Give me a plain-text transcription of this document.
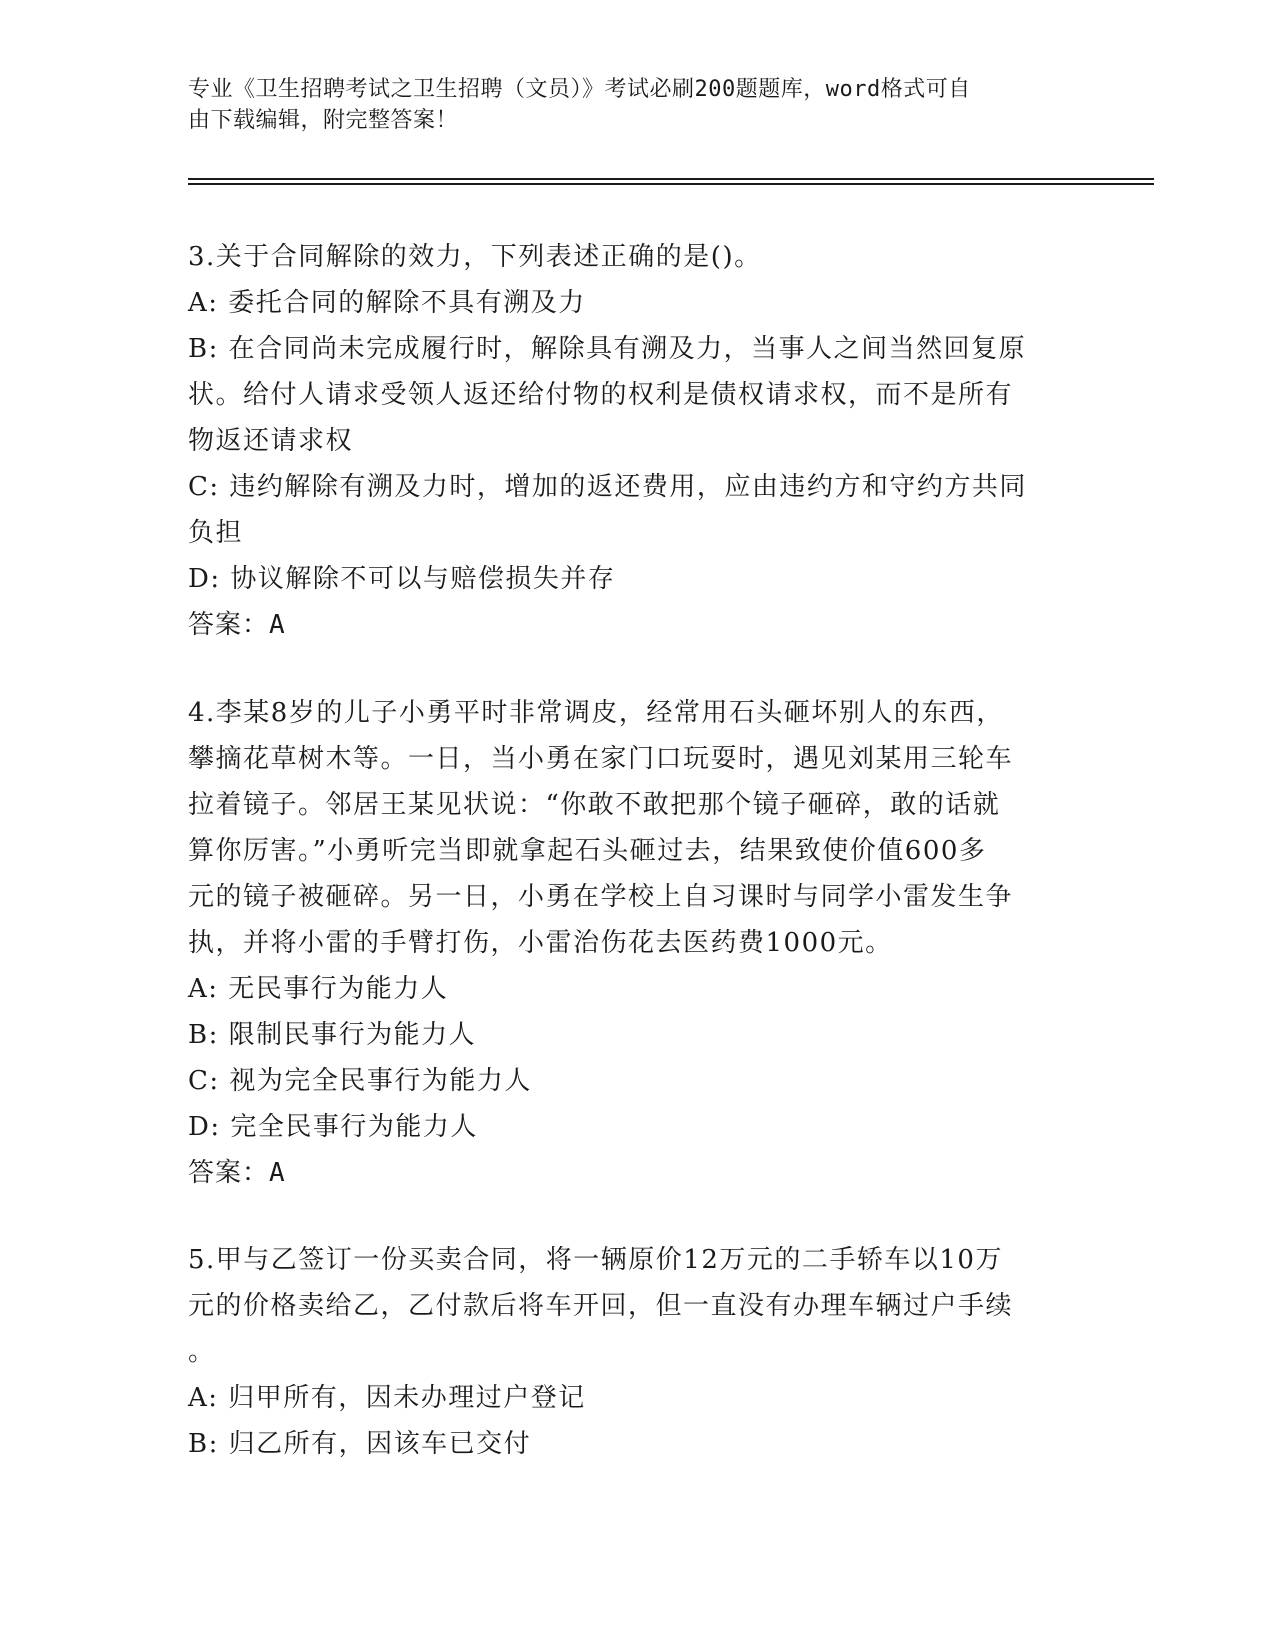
专业《卫生招聘考试之卫生招聘（文员）》考试必刷200题题库，word格式可自
由下载编辑，附完整答案！

3.关于合同解除的效力，下列表述正确的是()。

A: 委托合同的解除不具有溯及力

B: 在合同尚未完成履行时，解除具有溯及力，当事人之间当然回复原

状。给付人请求受领人返还给付物的权利是债权请求权，而不是所有

物返还请求权

C: 违约解除有溯及力时，增加的返还费用，应由违约方和守约方共同

负担

D: 协议解除不可以与赔偿损失并存

答案：A

4.李某8岁的儿子小勇平时非常调皮，经常用石头砸坏别人的东西，

攀摘花草树木等。一日，当小勇在家门口玩耍时，遇见刘某用三轮车

拉着镜子。邻居王某见状说：“你敢不敢把那个镜子砸碎，敢的话就

算你厉害。”小勇听完当即就拿起石头砸过去，结果致使价值600多

元的镜子被砸碎。另一日，小勇在学校上自习课时与同学小雷发生争

执，并将小雷的手臂打伤，小雷治伤花去医药费1000元。

A: 无民事行为能力人

B: 限制民事行为能力人

C: 视为完全民事行为能力人

D: 完全民事行为能力人

答案：A

5.甲与乙签订一份买卖合同，将一辆原价12万元的二手轿车以10万

元的价格卖给乙，乙付款后将车开回，但一直没有办理车辆过户手续

。

A: 归甲所有，因未办理过户登记

B: 归乙所有，因该车已交付
